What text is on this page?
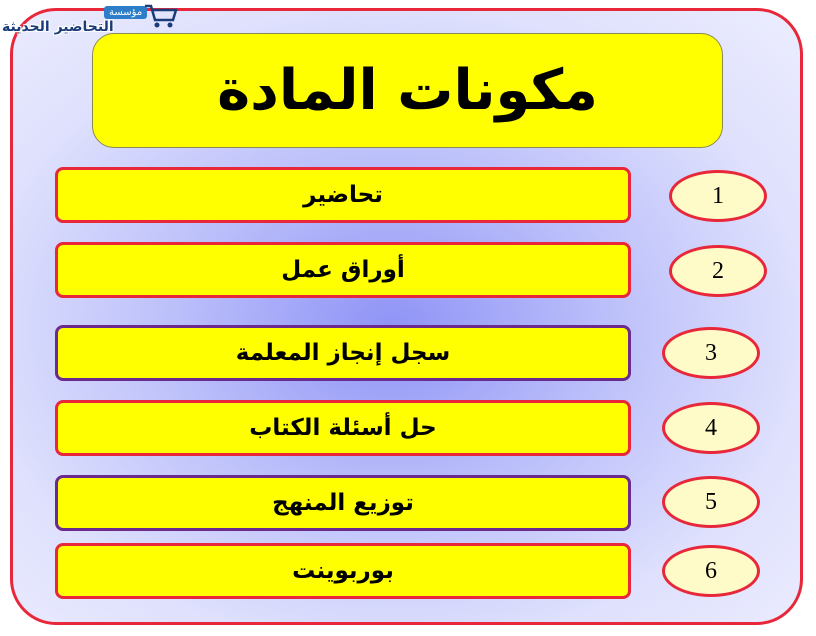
مؤسسة
التحاضير الحديثة
مكونات المادة
تحاضير	1
أوراق عمل	2
سجل إنجاز المعلمة	3
حل أسئلة الكتاب	4
توزيع المنهج	5
بوربوينت	6
